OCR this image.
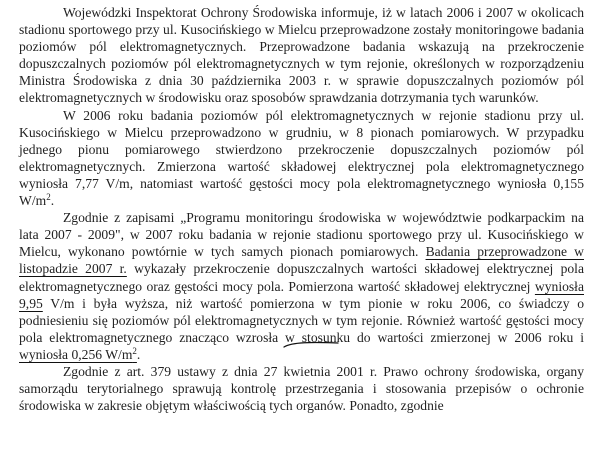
Wojewódzki Inspektorat Ochrony Środowiska informuje, iż w latach 2006 i 2007 w okolicach stadionu sportowego przy ul. Kusocińskiego w Mielcu przeprowadzone zostały monitoringowe badania poziomów pól elektromagnetycznych. Przeprowadzone badania wskazują na przekroczenie dopuszczalnych poziomów pól elektromagnetycznych w tym rejonie, określonych w rozporządzeniu Ministra Środowiska z dnia 30 października 2003 r. w sprawie dopuszczalnych poziomów pól elektromagnetycznych w środowisku oraz sposobów sprawdzania dotrzymania tych warunków.

W 2006 roku badania poziomów pól elektromagnetycznych w rejonie stadionu przy ul. Kusocińskiego w Mielcu przeprowadzono w grudniu, w 8 pionach pomiarowych. W przypadku jednego pionu pomiarowego stwierdzono przekroczenie dopuszczalnych poziomów pól elektromagnetycznych. Zmierzona wartość składowej elektrycznej pola elektromagnetycznego wyniosła 7,77 V/m, natomiast wartość gęstości mocy pola elektromagnetycznego wyniosła 0,155 $W/m^2$.

Zgodnie z zapisami „Programu monitoringu środowiska w województwie podkarpackim na lata 2007 - 2009", w 2007 roku badania w rejonie stadionu sportowego przy ul. Kusocińskiego w Mielcu, wykonano powtórnie w tych samych pionach pomiarowych. Badania przeprowadzone w listopadzie 2007 r. wykazały przekroczenie dopuszczalnych wartości składowej elektrycznej pola elektromagnetycznego oraz gęstości mocy pola. Pomierzona wartość składowej elektrycznej wyniosła 9,95 V/m i była wyższa, niż wartość pomierzona w tym pionie w roku 2006, co świadczy o podniesieniu się poziomów pól elektromagnetycznych w tym rejonie. Również wartość gęstości mocy pola elektromagnetycznego znacząco wzrosła w stosunku do wartości zmierzonej w 2006 roku i wyniosła 0,256 $W/m^2$.

Zgodnie z art. 379 ustawy z dnia 27 kwietnia 2001 r. Prawo ochrony środowiska, organy samorządu terytorialnego sprawują kontrolę przestrzegania i stosowania przepisów o ochronie środowiska w zakresie objętym właściwością tych organów. Ponadto, zgodnie
